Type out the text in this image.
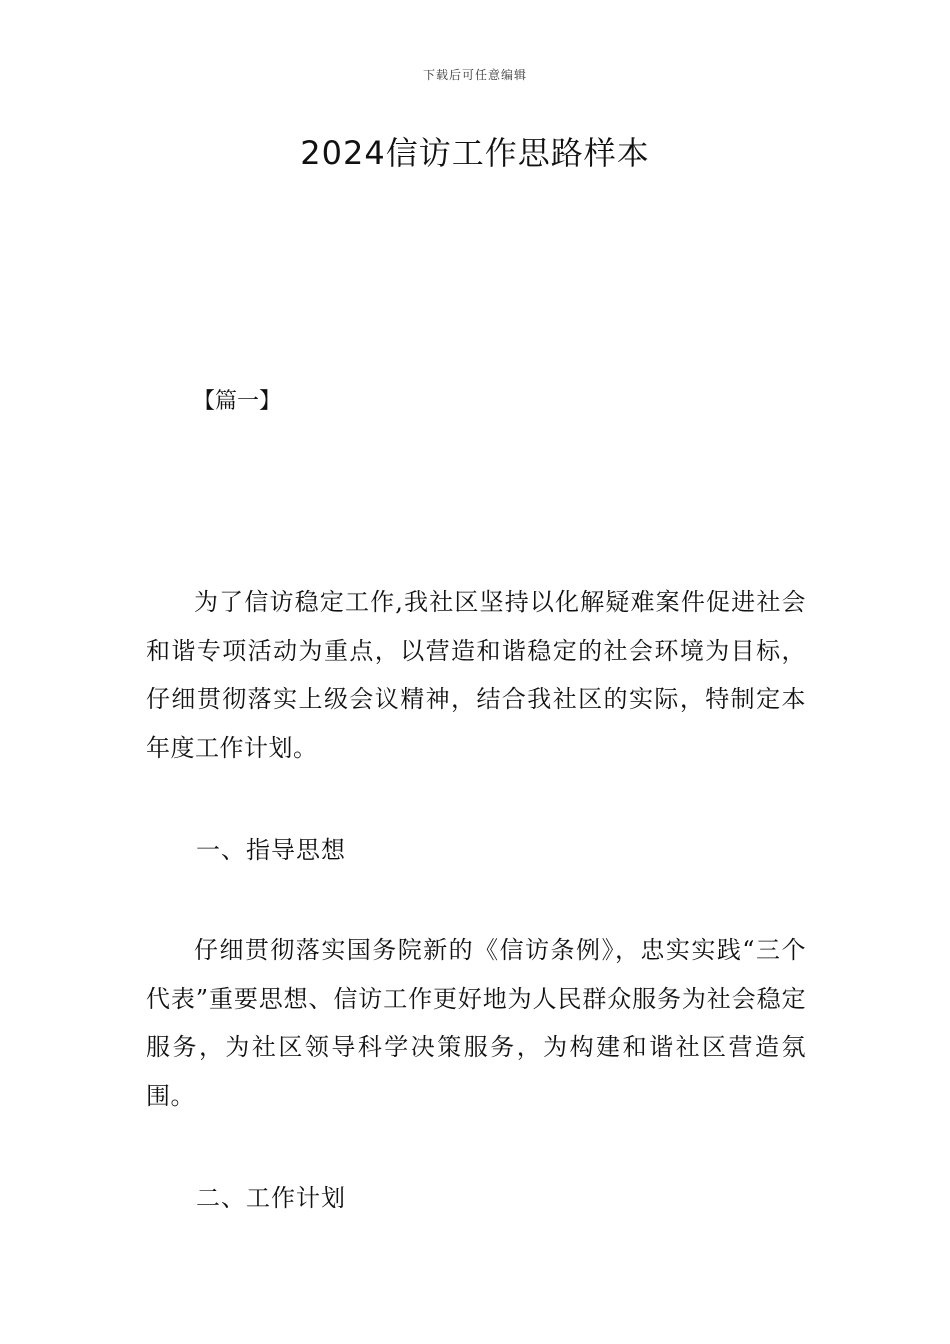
下载后可任意编辑
2024信访工作思路样本
【篇一】

为了信访稳定工作,我社区坚持以化解疑难案件促进社会和谐专项活动为重点，以营造和谐稳定的社会环境为目标，仔细贯彻落实上级会议精神，结合我社区的实际，特制定本年度工作计划。

一、指导思想

仔细贯彻落实国务院新的《信访条例》，忠实实践“三个代表”重要思想、信访工作更好地为人民群众服务为社会稳定服务，为社区领导科学决策服务，为构建和谐社区营造氛围。

二、工作计划
